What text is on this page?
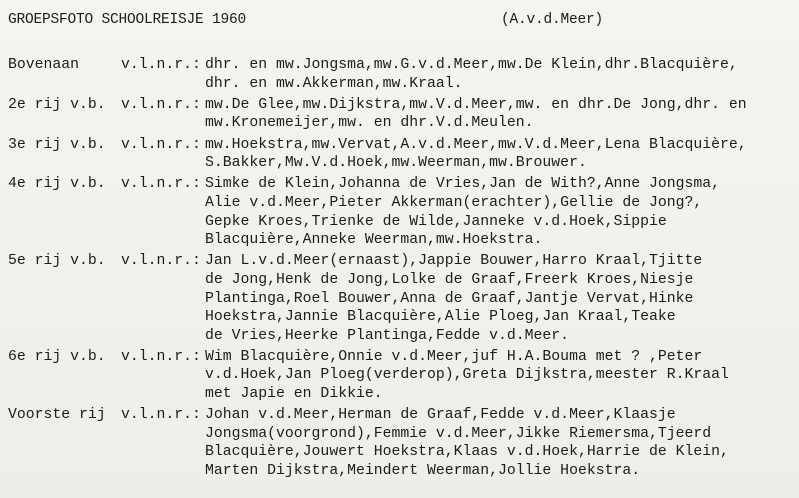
GROEPSFOTO SCHOOLREISJE 1960	(A.v.d.Meer)
Bovenaan	v.l.n.r.: dhr. en mw.Jongsma,mw.G.v.d.Meer,mw.De Klein,dhr.Blacquière,
dhr. en mw.Akkerman,mw.Kraal.
2e rij v.b. v.l.n.r.: mw.De Glee,mw.Dijkstra,mw.V.d.Meer,mw. en dhr.De Jong,dhr. en
mw.Kronemeijer,mw. en dhr.V.d.Meulen.
3e rij v.b. v.l.n.r.: mw.Hoekstra,mw.Vervat,A.v.d.Meer,mw.V.d.Meer,Lena Blacquière,
S.Bakker,Mw.V.d.Hoek,mw.Weerman,mw.Brouwer.
4e rij v.b. v.l.n.r.: Simke de Klein,Johanna de Vries,Jan de With?,Anne Jongsma,
Alie v.d.Meer,Pieter Akkerman(erachter),Gellie de Jong?,
Gepke Kroes,Trienke de Wilde,Janneke v.d.Hoek,Sippie
Blacquière,Anneke Weerman,mw.Hoekstra.
5e rij v.b. v.l.n.r.: Jan L.v.d.Meer(ernaast),Jappie Bouwer,Harro Kraal,Tjitte
de Jong,Henk de Jong,Lolke de Graaf,Freerk Kroes,Niesje
Plantinga,Roel Bouwer,Anna de Graaf,Jantje Vervat,Hinke
Hoekstra,Jannie Blacquière,Alie Ploeg,Jan Kraal,Teake
de Vries,Heerke Plantinga,Fedde v.d.Meer.
6e rij v.b. v.l.n.r.: Wim Blacquière,Onnie v.d.Meer,juf H.A.Bouma met ? ,Peter
v.d.Hoek,Jan Ploeg(verderop),Greta Dijkstra,meester R.Kraal
met Japie en Dikkie.
Voorste rij v.l.n.r.: Johan v.d.Meer,Herman de Graaf,Fedde v.d.Meer,Klaasje
Jongsma(voorgrond),Femmie v.d.Meer,Jikke Riemersma,Tjeerd
Blacquière,Jouwert Hoekstra,Klaas v.d.Hoek,Harrie de Klein,
Marten Dijkstra,Meindert Weerman,Jollie Hoekstra.
